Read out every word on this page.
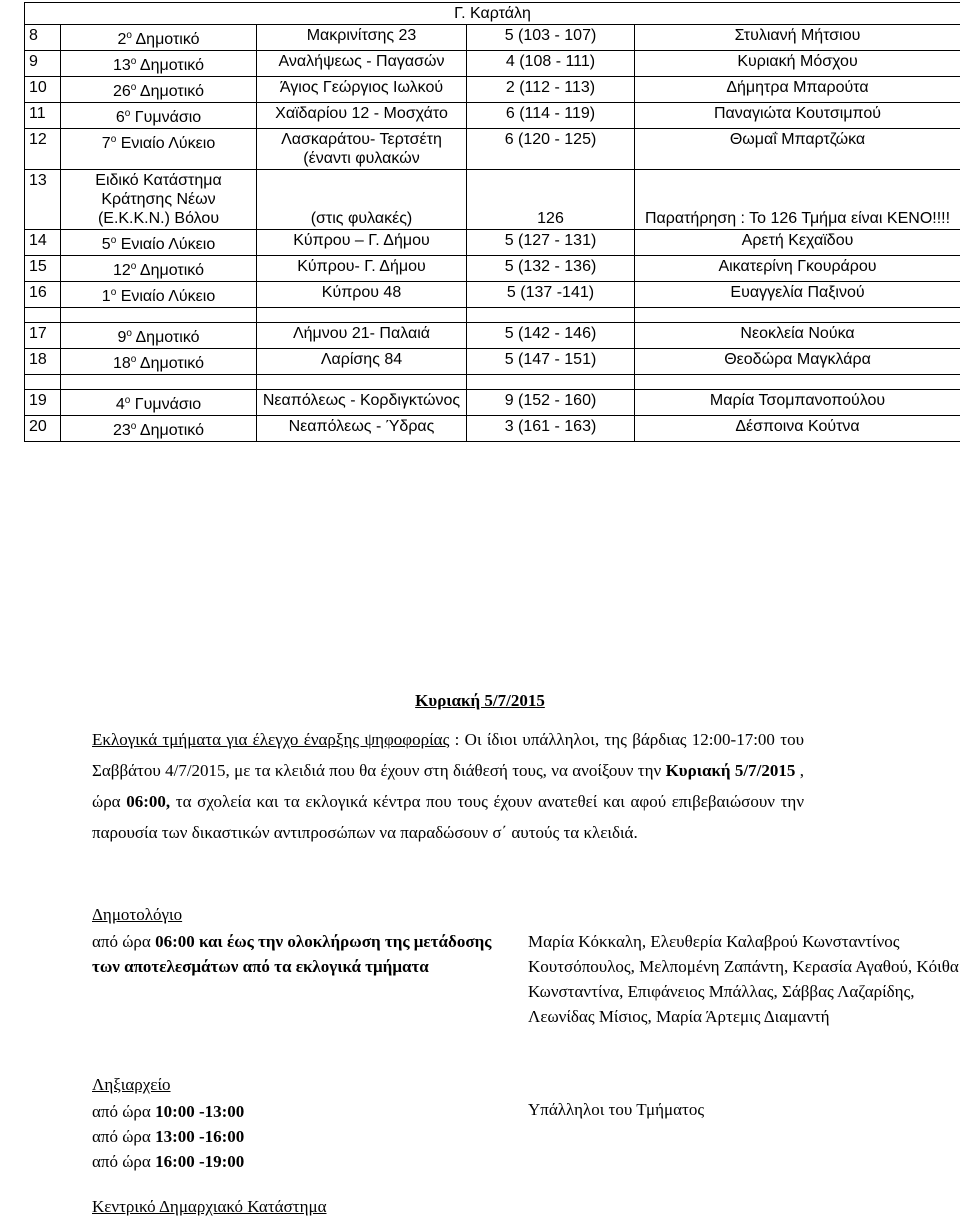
Γ. Καρτάλη				
8	$2^o$ Δημοτικό	Μακρινίτσης 23	5 (103 - 107)	Στυλιανή Μήτσιου
9	$13^o$ Δημοτικό	Αναλήψεως - Παγασών	4 (108 - 111)	Κυριακή Μόσχου
10	$26^o$ Δημοτικό	Άγιος Γεώργιος Ιωλκού	2 (112 - 113)	Δήμητρα Μπαρούτα
11	$6^o$ Γυμνάσιο	Χαϊδαρίου 12 - Μοσχάτο	6 (114 - 119)	Παναγιώτα Κουτσιμπού
12	$7^o$ Ενιαίο Λύκειο	Λασκαράτου- Τερτσέτη (έναντι φυλακών	6 (120 - 125)	Θωμαΐ Μπαρτζώκα
13	Ειδικό Κατάστημα Κράτησης Νέων (Ε.Κ.Κ.Ν.) Βόλου	(στις φυλακές)	126	Παρατήρηση : Το 126 Τμήμα είναι ΚΕΝΟ!!!!
14	$5^o$ Ενιαίο Λύκειο	Κύπρου – Γ. Δήμου	5 (127 - 131)	Αρετή Κεχαϊδου
15	$12^o$ Δημοτικό	Κύπρου- Γ. Δήμου	5 (132 - 136)	Αικατερίνη Γκουράρου
16	$1^o$ Ενιαίο Λύκειο	Κύπρου 48	5 (137 -141)	Ευαγγελία Παξινού

17	$9^o$ Δημοτικό	Λήμνου 21- Παλαιά	5 (142 - 146)	Νεοκλεία Νούκα
18	$18^o$ Δημοτικό	Λαρίσης 84	5 (147 - 151)	Θεοδώρα Μαγκλάρα

19	$4^o$ Γυμνάσιο	Νεαπόλεως - Κορδιγκτώνος	9 (152 - 160)	Μαρία Τσομπανοπούλου
20	$23^o$ Δημοτικό	Νεαπόλεως - Ύδρας	3 (161 - 163)	Δέσποινα Κούτνα
Κυριακή 5/7/2015
Εκλογικά τμήματα για έλεγχο έναρξης ψηφοφορίας : Οι ίδιοι υπάλληλοι, της βάρδιας 12:00-17:00 του Σαββάτου 4/7/2015, με τα κλειδιά που θα έχουν στη διάθεσή τους, να ανοίξουν την Κυριακή 5/7/2015 , ώρα 06:00, τα σχολεία και τα εκλογικά κέντρα που τους έχουν ανατεθεί και αφού επιβεβαιώσουν την παρουσία των δικαστικών αντιπροσώπων να παραδώσουν σ΄ αυτούς τα κλειδιά.
Δημοτολόγιο
από ώρα 06:00 και έως την ολοκλήρωση της μετάδοσης των αποτελεσμάτων από τα εκλογικά τμήματα
Μαρία Κόκκαλη, Ελευθερία Καλαβρού Κωνσταντίνος Κουτσόπουλος, Μελπομένη Ζαπάντη, Κερασία Αγαθού, Κόιθα Κωνσταντίνα, Επιφάνειος Μπάλλας, Σάββας Λαζαρίδης, Λεωνίδας Μίσιος, Μαρία Άρτεμις Διαμαντή
Ληξιαρχείο
από ώρα 10:00 -13:00
από ώρα 13:00 -16:00
από ώρα 16:00 -19:00
Υπάλληλοι του Τμήματος
Κεντρικό Δημαρχιακό Κατάστημα
